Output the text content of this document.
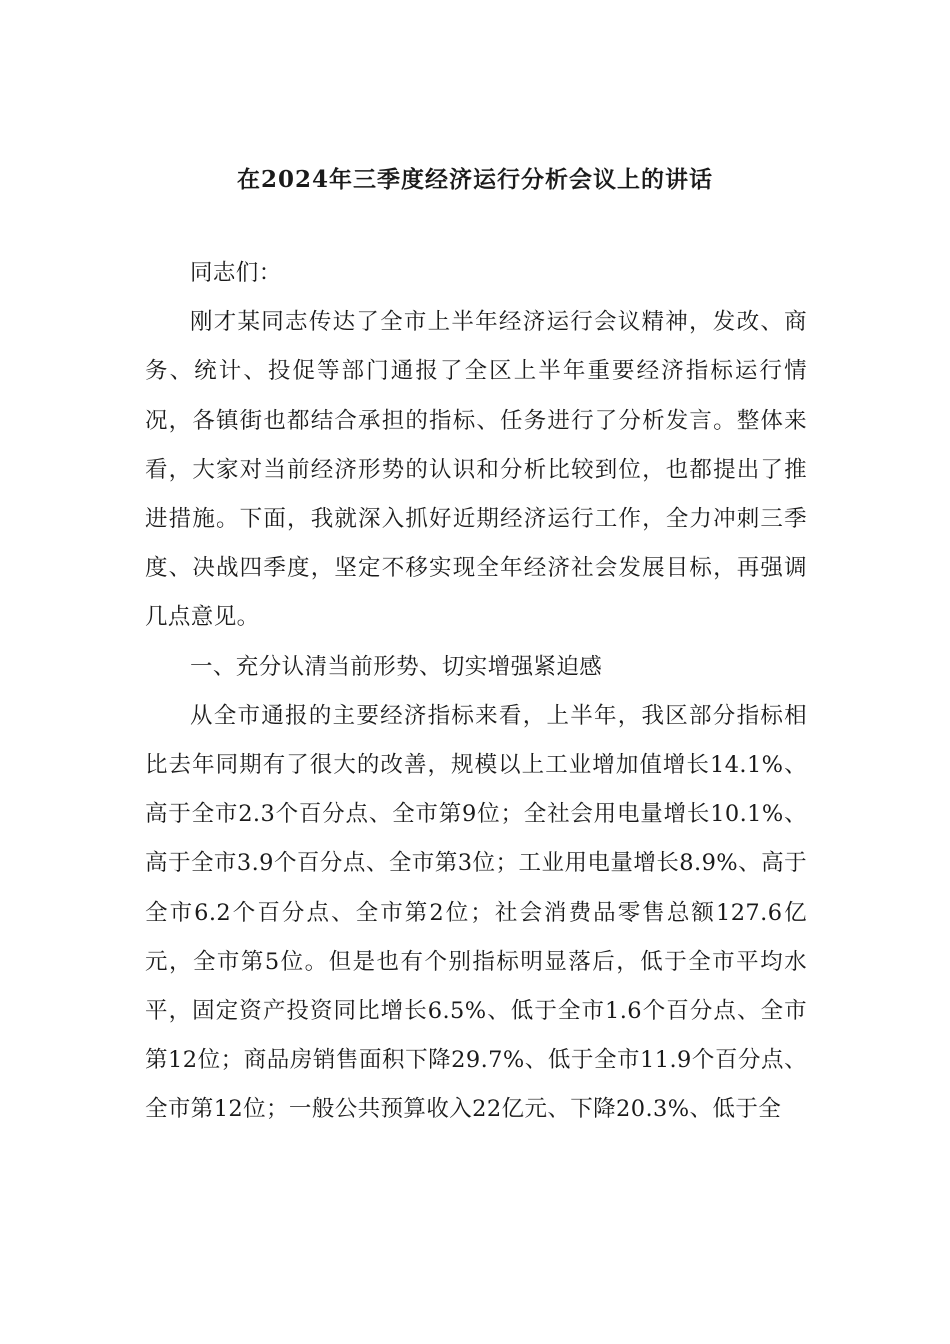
在2024年三季度经济运行分析会议上的讲话

同志们：

刚才某同志传达了全市上半年经济运行会议精神，发改、商务、统计、投促等部门通报了全区上半年重要经济指标运行情况，各镇街也都结合承担的指标、任务进行了分析发言。整体来看，大家对当前经济形势的认识和分析比较到位，也都提出了推进措施。下面，我就深入抓好近期经济运行工作，全力冲刺三季度、决战四季度，坚定不移实现全年经济社会发展目标，再强调几点意见。

一、充分认清当前形势、切实增强紧迫感

从全市通报的主要经济指标来看，上半年，我区部分指标相比去年同期有了很大的改善，规模以上工业增加值增长14.1%、高于全市2.3个百分点、全市第9位；全社会用电量增长10.1%、高于全市3.9个百分点、全市第3位；工业用电量增长8.9%、高于全市6.2个百分点、全市第2位；社会消费品零售总额127.6亿元，全市第5位。但是也有个别指标明显落后，低于全市平均水平，固定资产投资同比增长6.5%、低于全市1.6个百分点、全市第12位；商品房销售面积下降29.7%、低于全市11.9个百分点、全市第12位；一般公共预算收入22亿元、下降20.3%、低于全
